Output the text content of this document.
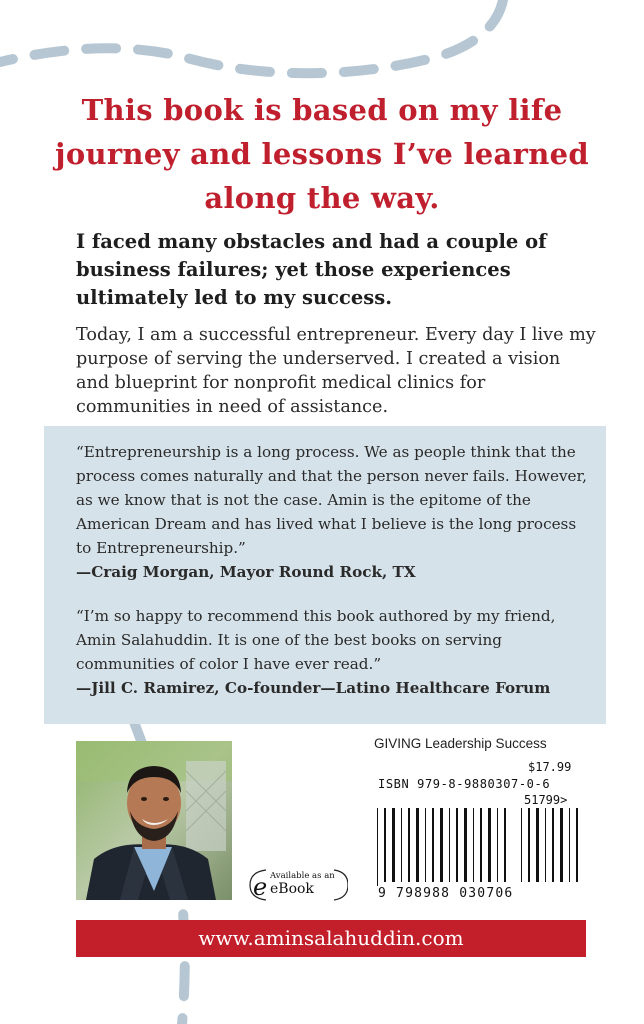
This book is based on my life journey and lessons I’ve learned along the way.
I faced many obstacles and had a couple of business failures; yet those experiences ultimately led to my success.
Today, I am a successful entrepreneur. Every day I live my purpose of serving the underserved. I created a vision and blueprint for nonprofit medical clinics for communities in need of assistance.
“Entrepreneurship is a long process. We as people think that the process comes naturally and that the person never fails. However, as we know that is not the case. Amin is the epitome of the American Dream and has lived what I believe is the long process to Entrepreneurship.”
—Craig Morgan, Mayor Round Rock, TX
“I’m so happy to recommend this book authored by my friend, Amin Salahuddin. It is one of the best books on serving communities of color I have ever read.”
—Jill C. Ramirez, Co-founder—Latino Healthcare Forum
e Available as an
eBook
GIVING Leadership Success
$17.99
ISBN 979-8-9880307-0-6
51799>
9 798988 030706
www.aminsalahuddin.com
